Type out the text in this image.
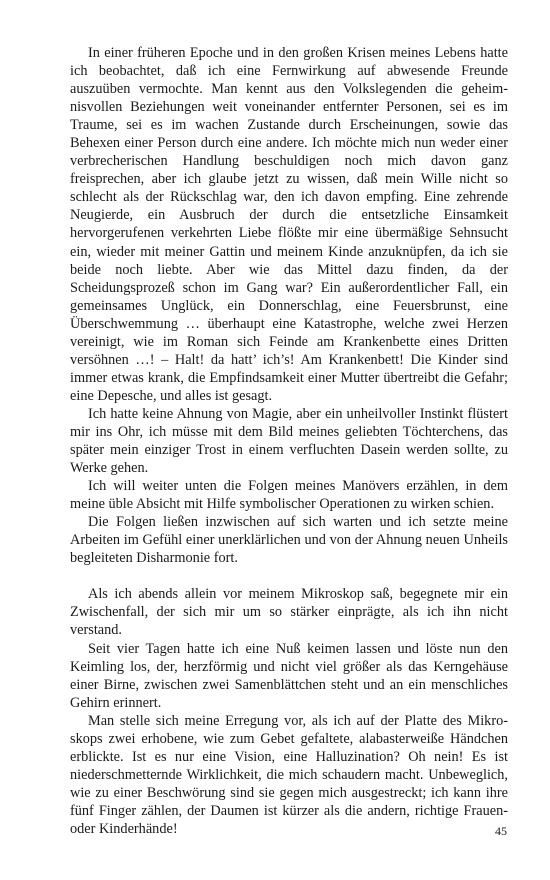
In einer früheren Epoche und in den großen Krisen meines Lebens hatte ich beobachtet, daß ich eine Fernwirkung auf abwesende Freunde auszuüben vermochte. Man kennt aus den Volkslegenden die geheimnisvollen Beziehungen weit voneinander entfernter Personen, sei es im Traume, sei es im wachen Zustande durch Erscheinungen, sowie das Behexen einer Person durch eine andere. Ich möchte mich nun weder einer verbrecherischen Handlung beschuldigen noch mich davon ganz freisprechen, aber ich glaube jetzt zu wissen, daß mein Wille nicht so schlecht als der Rückschlag war, den ich davon empfing. Eine zehrende Neugierde, ein Ausbruch der durch die entsetzliche Einsamkeit hervorgerufenen verkehrten Liebe flößte mir eine übermäßige Sehnsucht ein, wieder mit meiner Gattin und meinem Kinde anzuknüpfen, da ich sie beide noch liebte. Aber wie das Mittel dazu finden, da der Scheidungsprozeß schon im Gang war? Ein außerordentlicher Fall, ein gemeinsames Unglück, ein Donnerschlag, eine Feuersbrunst, eine Überschwemmung … überhaupt eine Katastrophe, welche zwei Herzen vereinigt, wie im Roman sich Feinde am Krankenbette eines Dritten versöhnen …! – Halt! da hatt’ ich’s! Am Krankenbett! Die Kinder sind immer etwas krank, die Empfindsamkeit einer Mutter übertreibt die Gefahr; eine Depesche, und alles ist gesagt.

Ich hatte keine Ahnung von Magie, aber ein unheilvoller Instinkt flüstert mir ins Ohr, ich müsse mit dem Bild meines geliebten Töchterchens, das später mein einziger Trost in einem verfluchten Dasein werden sollte, zu Werke gehen.

Ich will weiter unten die Folgen meines Manövers erzählen, in dem meine üble Absicht mit Hilfe symbolischer Operationen zu wirken schien.

Die Folgen ließen inzwischen auf sich warten und ich setzte meine Arbeiten im Gefühl einer unerklärlichen und von der Ahnung neuen Unheils begleiteten Disharmonie fort.

Als ich abends allein vor meinem Mikroskop saß, begegnete mir ein Zwischenfall, der sich mir um so stärker einprägte, als ich ihn nicht verstand.

Seit vier Tagen hatte ich eine Nuß keimen lassen und löste nun den Keimling los, der, herzförmig und nicht viel größer als das Kerngehäuse einer Birne, zwischen zwei Samenblättchen steht und an ein menschliches Gehirn erinnert.

Man stelle sich meine Erregung vor, als ich auf der Platte des Mikroskops zwei erhobene, wie zum Gebet gefaltete, alabasterweiße Händchen erblickte. Ist es nur eine Vision, eine Halluzination? Oh nein! Es ist niederschmetternde Wirklichkeit, die mich schaudern macht. Unbeweglich, wie zu einer Beschwörung sind sie gegen mich ausgestreckt; ich kann ihre fünf Finger zählen, der Daumen ist kürzer als die andern, richtige Frauen- oder Kinderhände!	45
